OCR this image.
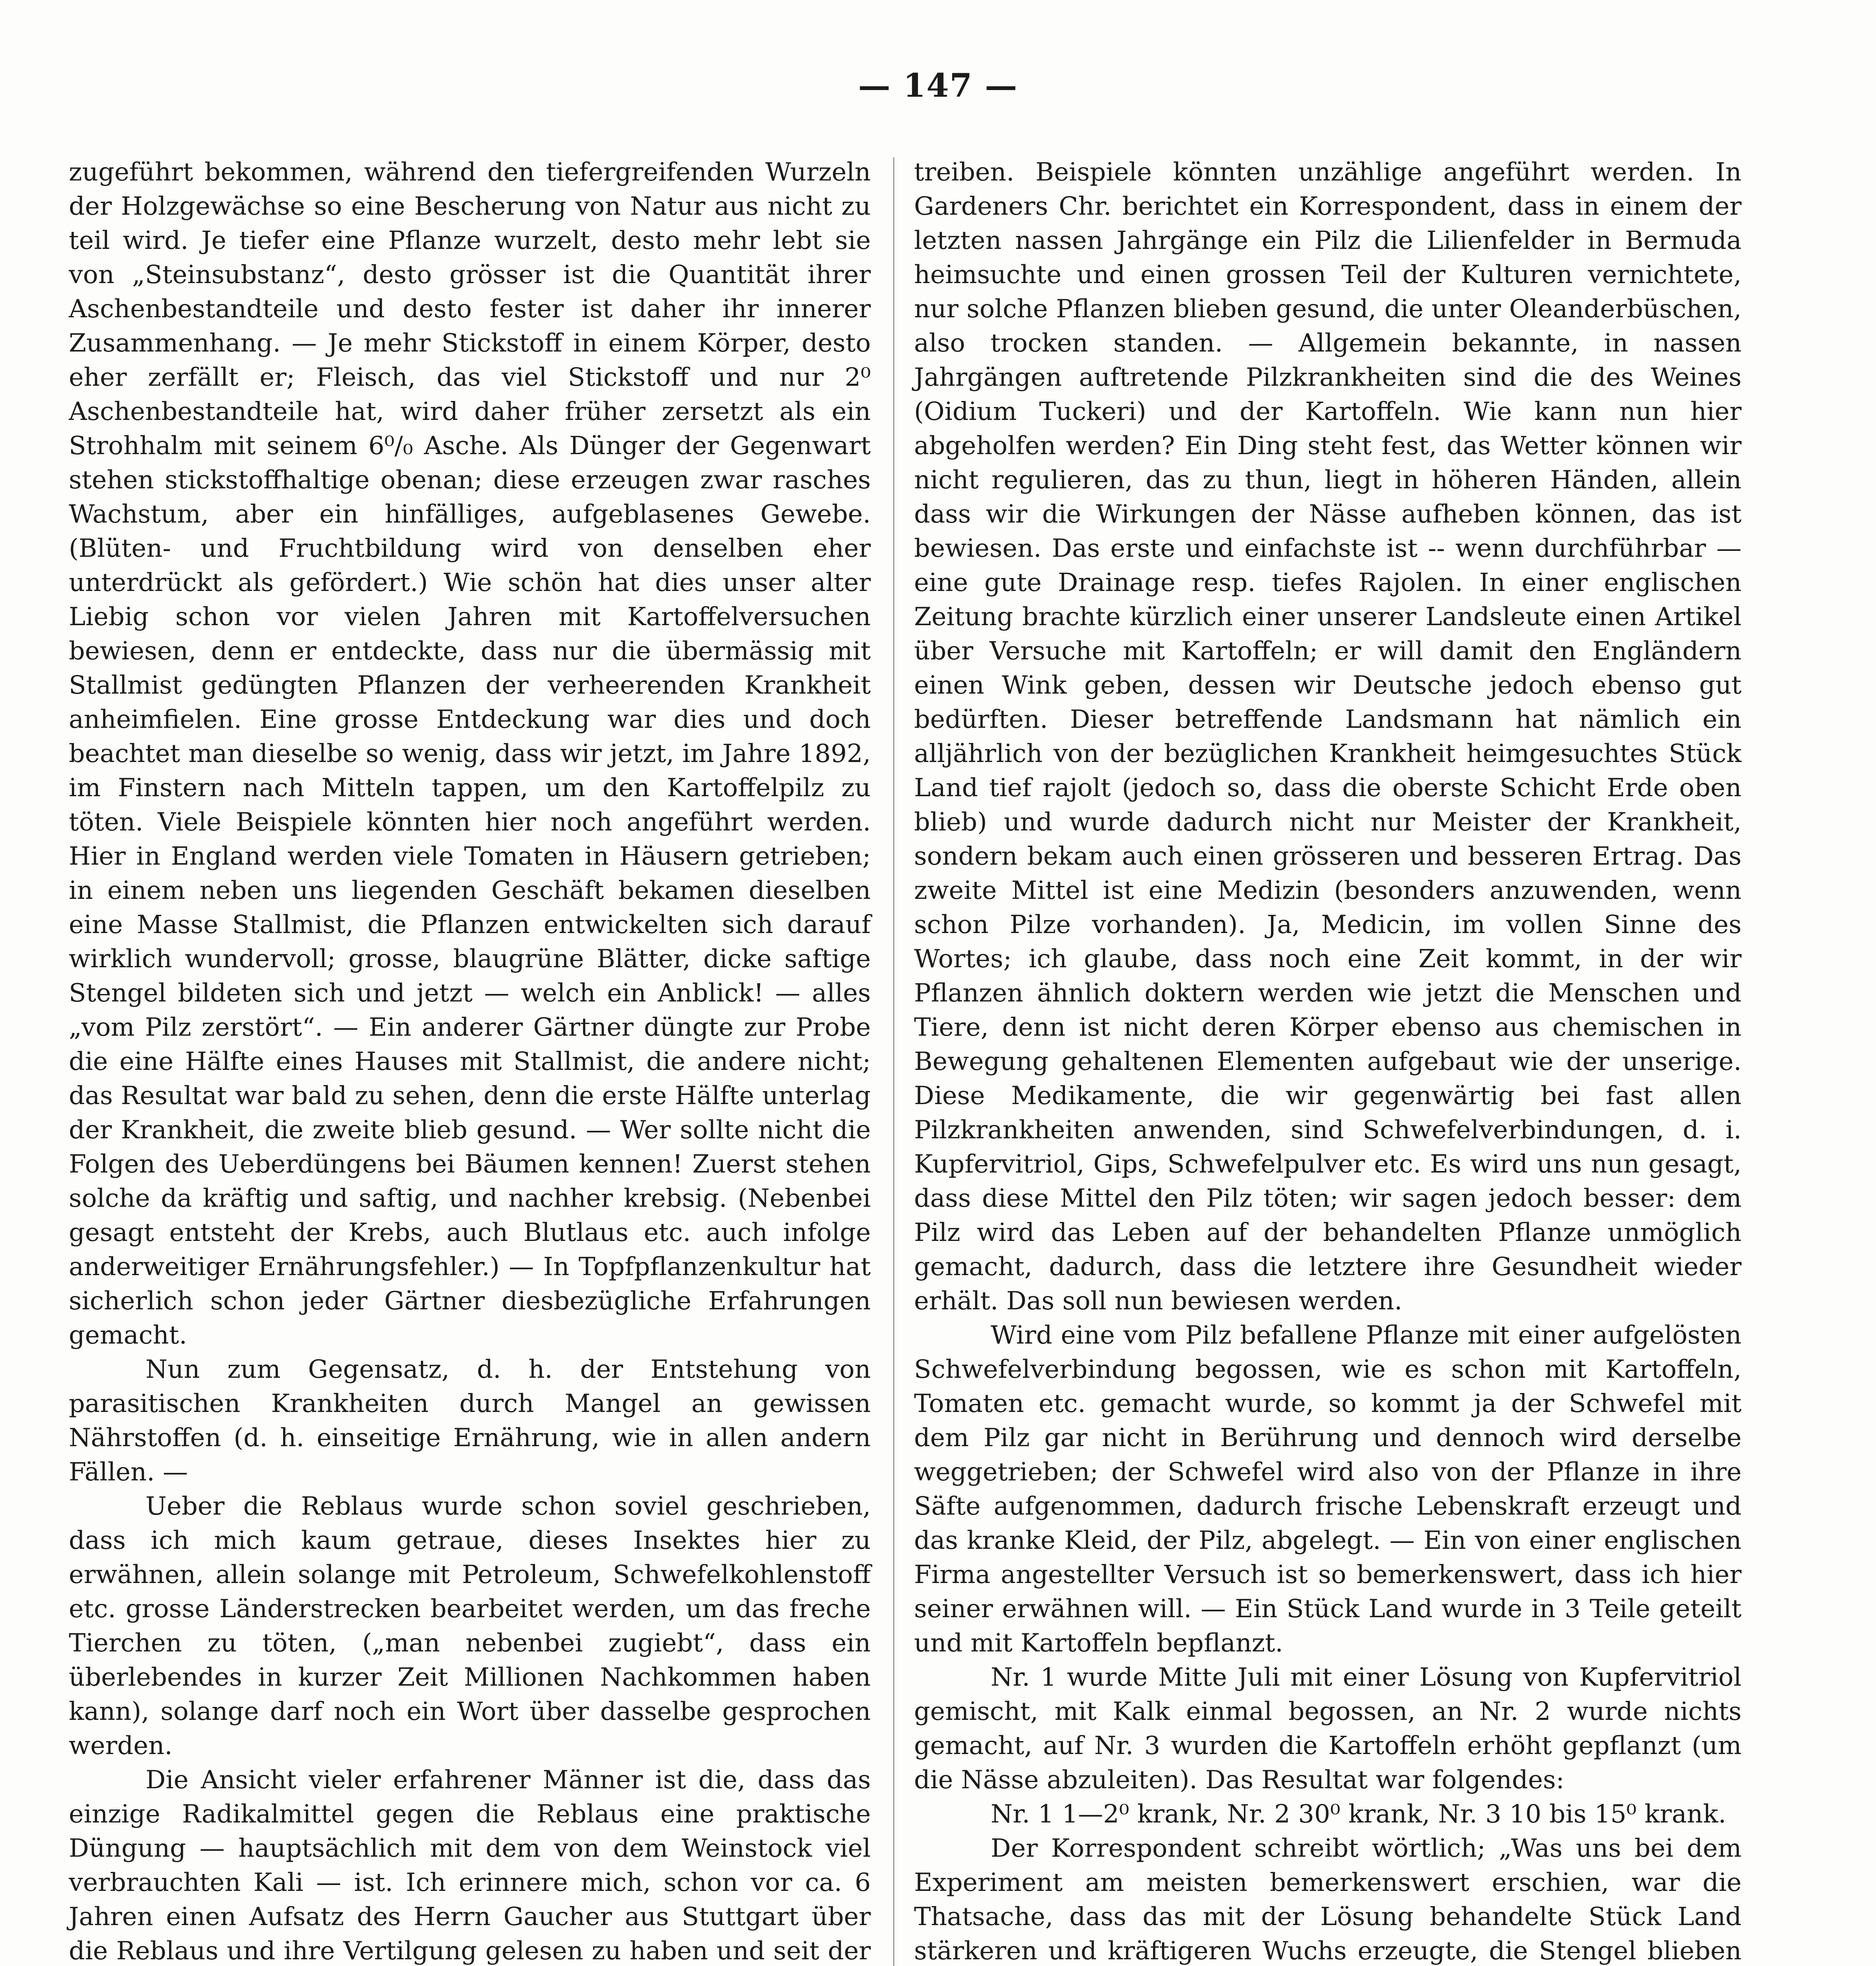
— 147 —

zugeführt bekommen, während den tiefergreifenden Wurzeln der Holzgewächse so eine Bescherung von Natur aus nicht zu teil wird. Je tiefer eine Pflanze wurzelt, desto mehr lebt sie von „Steinsubstanz“, desto grösser ist die Quantität ihrer Aschenbestandteile und desto fester ist daher ihr innerer Zusammenhang. — Je mehr Stickstoff in einem Körper, desto eher zerfällt er; Fleisch, das viel Stickstoff und nur 2⁰ Aschenbestandteile hat, wird daher früher zersetzt als ein Strohhalm mit seinem 6⁰/₀ Asche. Als Dünger der Gegenwart stehen stickstoffhaltige obenan; diese erzeugen zwar rasches Wachstum, aber ein hinfälliges, aufgeblasenes Gewebe. (Blüten- und Fruchtbildung wird von denselben eher unterdrückt als gefördert.) Wie schön hat dies unser alter Liebig schon vor vielen Jahren mit Kartoffelversuchen bewiesen, denn er entdeckte, dass nur die übermässig mit Stallmist gedüngten Pflanzen der verheerenden Krankheit anheimfielen. Eine grosse Entdeckung war dies und doch beachtet man dieselbe so wenig, dass wir jetzt, im Jahre 1892, im Finstern nach Mitteln tappen, um den Kartoffelpilz zu töten. Viele Beispiele könnten hier noch angeführt werden. Hier in England werden viele Tomaten in Häusern getrieben; in einem neben uns liegenden Geschäft bekamen dieselben eine Masse Stallmist, die Pflanzen entwickelten sich darauf wirklich wundervoll; grosse, blaugrüne Blätter, dicke saftige Stengel bildeten sich und jetzt — welch ein Anblick! — alles „vom Pilz zerstört“. — Ein anderer Gärtner düngte zur Probe die eine Hälfte eines Hauses mit Stallmist, die andere nicht; das Resultat war bald zu sehen, denn die erste Hälfte unterlag der Krankheit, die zweite blieb gesund. — Wer sollte nicht die Folgen des Ueberdüngens bei Bäumen kennen! Zuerst stehen solche da kräftig und saftig, und nachher krebsig. (Nebenbei gesagt entsteht der Krebs, auch Blutlaus etc. auch infolge anderweitiger Ernährungsfehler.) — In Topfpflanzenkultur hat sicherlich schon jeder Gärtner diesbezügliche Erfahrungen gemacht.

Nun zum Gegensatz, d. h. der Entstehung von parasitischen Krankheiten durch Mangel an gewissen Nährstoffen (d. h. einseitige Ernährung, wie in allen andern Fällen. —

Ueber die Reblaus wurde schon soviel geschrieben, dass ich mich kaum getraue, dieses Insektes hier zu erwähnen, allein solange mit Petroleum, Schwefelkohlenstoff etc. grosse Länderstrecken bearbeitet werden, um das freche Tierchen zu töten, („man nebenbei zugiebt“, dass ein überlebendes in kurzer Zeit Millionen Nachkommen haben kann), solange darf noch ein Wort über dasselbe gesprochen werden.

Die Ansicht vieler erfahrener Männer ist die, dass das einzige Radikalmittel gegen die Reblaus eine praktische Düngung — hauptsächlich mit dem von dem Weinstock viel verbrauchten Kali — ist. Ich erinnere mich, schon vor ca. 6 Jahren einen Aufsatz des Herrn Gaucher aus Stuttgart über die Reblaus und ihre Vertilgung gelesen zu haben und seit der

treiben. Beispiele könnten unzählige angeführt werden. In Gardeners Chr. berichtet ein Korrespondent, dass in einem der letzten nassen Jahrgänge ein Pilz die Lilienfelder in Bermuda heimsuchte und einen grossen Teil der Kulturen vernichtete, nur solche Pflanzen blieben gesund, die unter Oleanderbüschen, also trocken standen. — Allgemein bekannte, in nassen Jahrgängen auftretende Pilzkrankheiten sind die des Weines (Oidium Tuckeri) und der Kartoffeln. Wie kann nun hier abgeholfen werden? Ein Ding steht fest, das Wetter können wir nicht regulieren, das zu thun, liegt in höheren Händen, allein dass wir die Wirkungen der Nässe aufheben können, das ist bewiesen. Das erste und einfachste ist -- wenn durchführbar — eine gute Drainage resp. tiefes Rajolen. In einer englischen Zeitung brachte kürzlich einer unserer Landsleute einen Artikel über Versuche mit Kartoffeln; er will damit den Engländern einen Wink geben, dessen wir Deutsche jedoch ebenso gut bedürften. Dieser betreffende Landsmann hat nämlich ein alljährlich von der bezüglichen Krankheit heimgesuchtes Stück Land tief rajolt (jedoch so, dass die oberste Schicht Erde oben blieb) und wurde dadurch nicht nur Meister der Krankheit, sondern bekam auch einen grösseren und besseren Ertrag. Das zweite Mittel ist eine Medizin (besonders anzuwenden, wenn schon Pilze vorhanden). Ja, Medicin, im vollen Sinne des Wortes; ich glaube, dass noch eine Zeit kommt, in der wir Pflanzen ähnlich doktern werden wie jetzt die Menschen und Tiere, denn ist nicht deren Körper ebenso aus chemischen in Bewegung gehaltenen Elementen aufgebaut wie der unserige. Diese Medikamente, die wir gegenwärtig bei fast allen Pilzkrankheiten anwenden, sind Schwefelverbindungen, d. i. Kupfervitriol, Gips, Schwefelpulver etc. Es wird uns nun gesagt, dass diese Mittel den Pilz töten; wir sagen jedoch besser: dem Pilz wird das Leben auf der behandelten Pflanze unmöglich gemacht, dadurch, dass die letztere ihre Gesundheit wieder erhält. Das soll nun bewiesen werden.

Wird eine vom Pilz befallene Pflanze mit einer aufgelösten Schwefelverbindung begossen, wie es schon mit Kartoffeln, Tomaten etc. gemacht wurde, so kommt ja der Schwefel mit dem Pilz gar nicht in Berührung und dennoch wird derselbe weggetrieben; der Schwefel wird also von der Pflanze in ihre Säfte aufgenommen, dadurch frische Lebenskraft erzeugt und das kranke Kleid, der Pilz, abgelegt. — Ein von einer englischen Firma angestellter Versuch ist so bemerkenswert, dass ich hier seiner erwähnen will. — Ein Stück Land wurde in 3 Teile geteilt und mit Kartoffeln bepflanzt.

Nr. 1 wurde Mitte Juli mit einer Lösung von Kupfervitriol gemischt, mit Kalk einmal begossen, an Nr. 2 wurde nichts gemacht, auf Nr. 3 wurden die Kartoffeln erhöht gepflanzt (um die Nässe abzuleiten). Das Resultat war folgendes:

Nr. 1 1—2⁰ krank, Nr. 2 30⁰ krank, Nr. 3 10 bis 15⁰ krank.

Der Korrespondent schreibt wörtlich; „Was uns bei dem Experiment am meisten bemerkenswert erschien, war die Thatsache, dass das mit der Lösung behandelte Stück Land stärkeren und kräftigeren Wuchs erzeugte, die Stengel blieben
